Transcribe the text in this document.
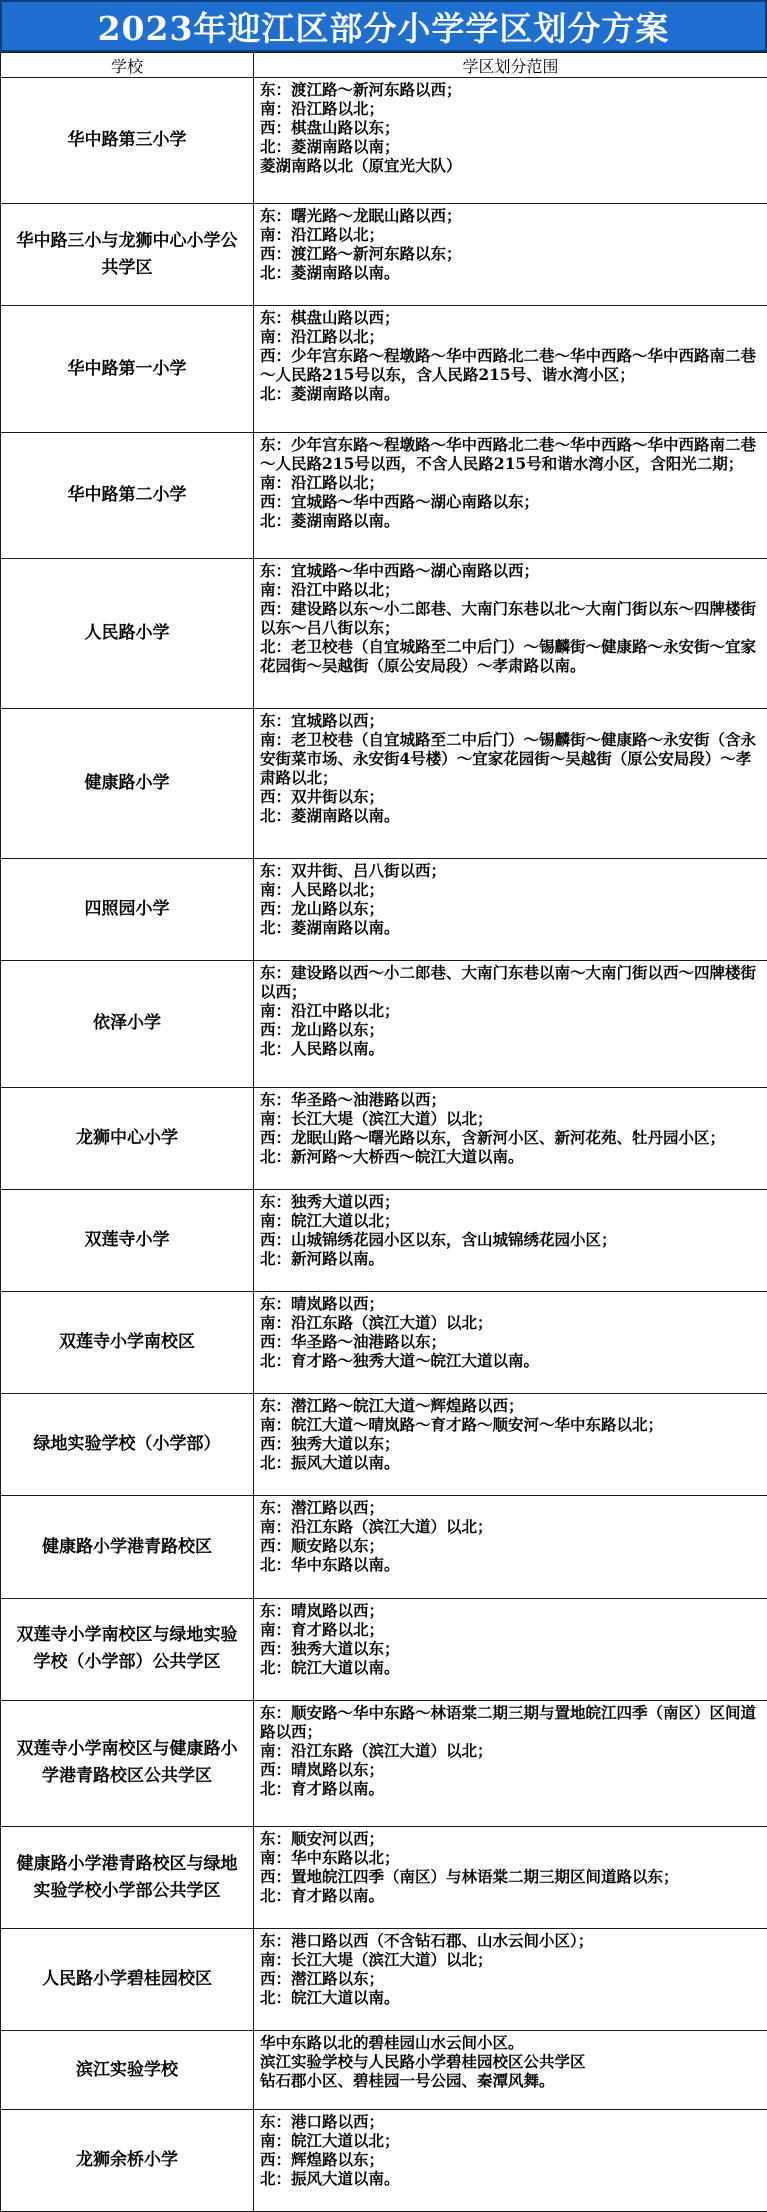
2023年迎江区部分小学学区划分方案
学校	学区划分范围
华中路第三小学	东：渡江路～新河东路以西；
南：沿江路以北；
西：棋盘山路以东；
北：菱湖南路以南；
菱湖南路以北（原宜光大队）

华中路三小与龙狮中心小学公共学区	东：曙光路～龙眠山路以西；
南：沿江路以北；
西：渡江路～新河东路以东；
北：菱湖南路以南。

华中路第一小学	东：棋盘山路以西；
南：沿江路以北；
西：少年宫东路～程墩路～华中西路北二巷～华中西路～华中西路南二巷～人民路215号以东，含人民路215号、谐水湾小区；
北：菱湖南路以南。

华中路第二小学	东：少年宫东路～程墩路～华中西路北二巷～华中西路～华中西路南二巷～人民路215号以西，不含人民路215号和谐水湾小区，含阳光二期；
南：沿江路以北；
西：宜城路～华中西路～湖心南路以东；
北：菱湖南路以南。

人民路小学	东：宜城路～华中西路～湖心南路以西；
南：沿江中路以北；
西：建设路以东～小二郎巷、大南门东巷以北～大南门街以东～四牌楼街以东～吕八街以东；
北：老卫校巷（自宜城路至二中后门）～锡麟街～健康路～永安街～宜家花园街～吴越街（原公安局段）～孝肃路以南。

健康路小学	东：宜城路以西；
南：老卫校巷（自宜城路至二中后门）～锡麟街～健康路～永安街（含永安街菜市场、永安街4号楼）～宜家花园街～吴越街（原公安局段）～孝肃路以北；
西：双井街以东；
北：菱湖南路以南。

四照园小学	东：双井街、吕八街以西；
南：人民路以北；
西：龙山路以东；
北：菱湖南路以南。

依泽小学	东：建设路以西～小二郎巷、大南门东巷以南～大南门街以西～四牌楼街以西；
南：沿江中路以北；
西：龙山路以东；
北：人民路以南。

龙狮中心小学	东：华圣路～油港路以西；
南：长江大堤（滨江大道）以北；
西：龙眠山路～曙光路以东，含新河小区、新河花苑、牡丹园小区；
北：新河路～大桥西～皖江大道以南。

双莲寺小学	东：独秀大道以西；
南：皖江大道以北；
西：山城锦绣花园小区以东，含山城锦绣花园小区；
北：新河路以南。

双莲寺小学南校区	东：晴岚路以西；
南：沿江东路（滨江大道）以北；
西：华圣路～油港路以东；
北：育才路～独秀大道～皖江大道以南。

绿地实验学校（小学部）	东：潜江路～皖江大道～辉煌路以西；
南：皖江大道～晴岚路～育才路～顺安河～华中东路以北；
西：独秀大道以东；
北：振风大道以南。

健康路小学港青路校区	东：潜江路以西；
南：沿江东路（滨江大道）以北；
西：顺安路以东；
北：华中东路以南。

双莲寺小学南校区与绿地实验学校（小学部）公共学区	东：晴岚路以西；
南：育才路以北；
西：独秀大道以东；
北：皖江大道以南。

双莲寺小学南校区与健康路小学港青路校区公共学区	东：顺安路～华中东路～林语棠二期三期与置地皖江四季（南区）区间道路以西；
南：沿江东路（滨江大道）以北；
西：晴岚路以东；
北：育才路以南。

健康路小学港青路校区与绿地实验学校小学部公共学区	东：顺安河以西；
南：华中东路以北；
西：置地皖江四季（南区）与林语棠二期三期区间道路以东；
北：育才路以南。

人民路小学碧桂园校区	东：港口路以西（不含钻石郡、山水云间小区）；
南：长江大堤（滨江大道）以北；
西：潜江路以东；
北：皖江大道以南。

滨江实验学校	华中东路以北的碧桂园山水云间小区。
滨江实验学校与人民路小学碧桂园校区公共学区
钻石郡小区、碧桂园一号公园、秦潭风舞。

龙狮余桥小学	东：港口路以西；
南：皖江大道以北；
西：辉煌路以东；
北：振风大道以南。
